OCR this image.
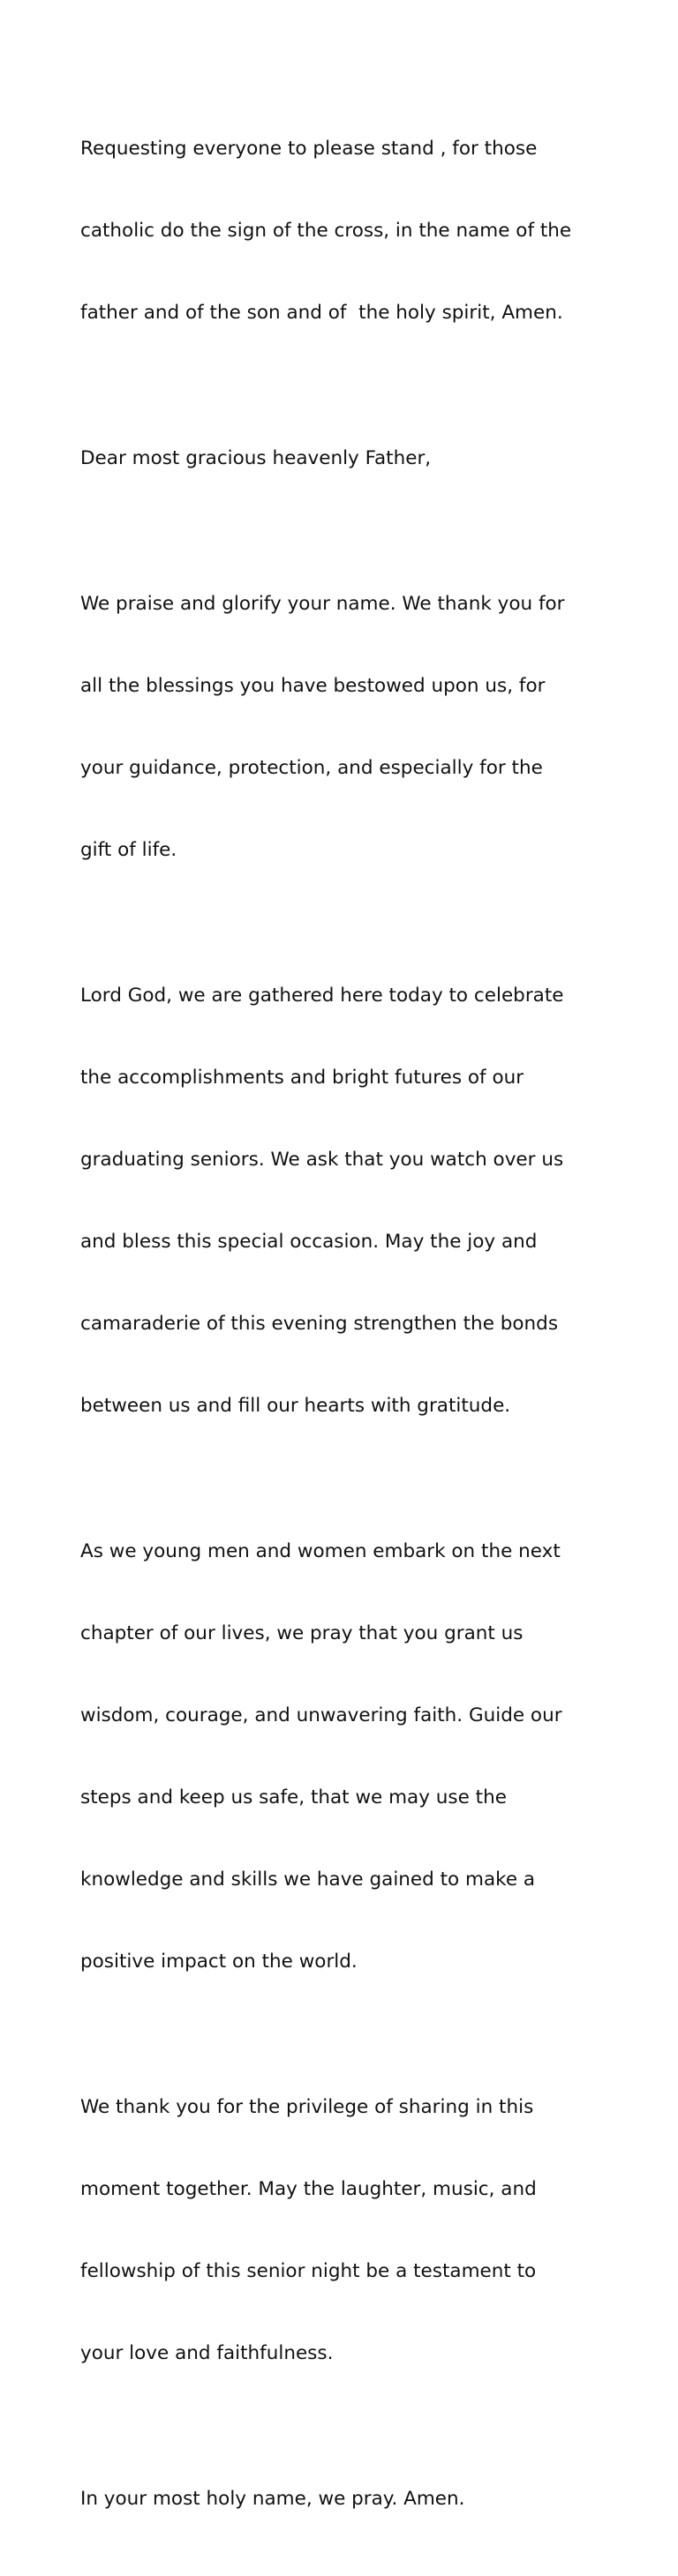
Requesting everyone to please stand , for those

catholic do the sign of the cross, in the name of the

father and of the son and of  the holy spirit, Amen.

Dear most gracious heavenly Father,

We praise and glorify your name. We thank you for

all the blessings you have bestowed upon us, for

your guidance, protection, and especially for the

gift of life.

Lord God, we are gathered here today to celebrate

the accomplishments and bright futures of our

graduating seniors. We ask that you watch over us

and bless this special occasion. May the joy and

camaraderie of this evening strengthen the bonds

between us and fill our hearts with gratitude.

As we young men and women embark on the next

chapter of our lives, we pray that you grant us

wisdom, courage, and unwavering faith. Guide our

steps and keep us safe, that we may use the

knowledge and skills we have gained to make a

positive impact on the world.

We thank you for the privilege of sharing in this

moment together. May the laughter, music, and

fellowship of this senior night be a testament to

your love and faithfulness.

In your most holy name, we pray. Amen.
